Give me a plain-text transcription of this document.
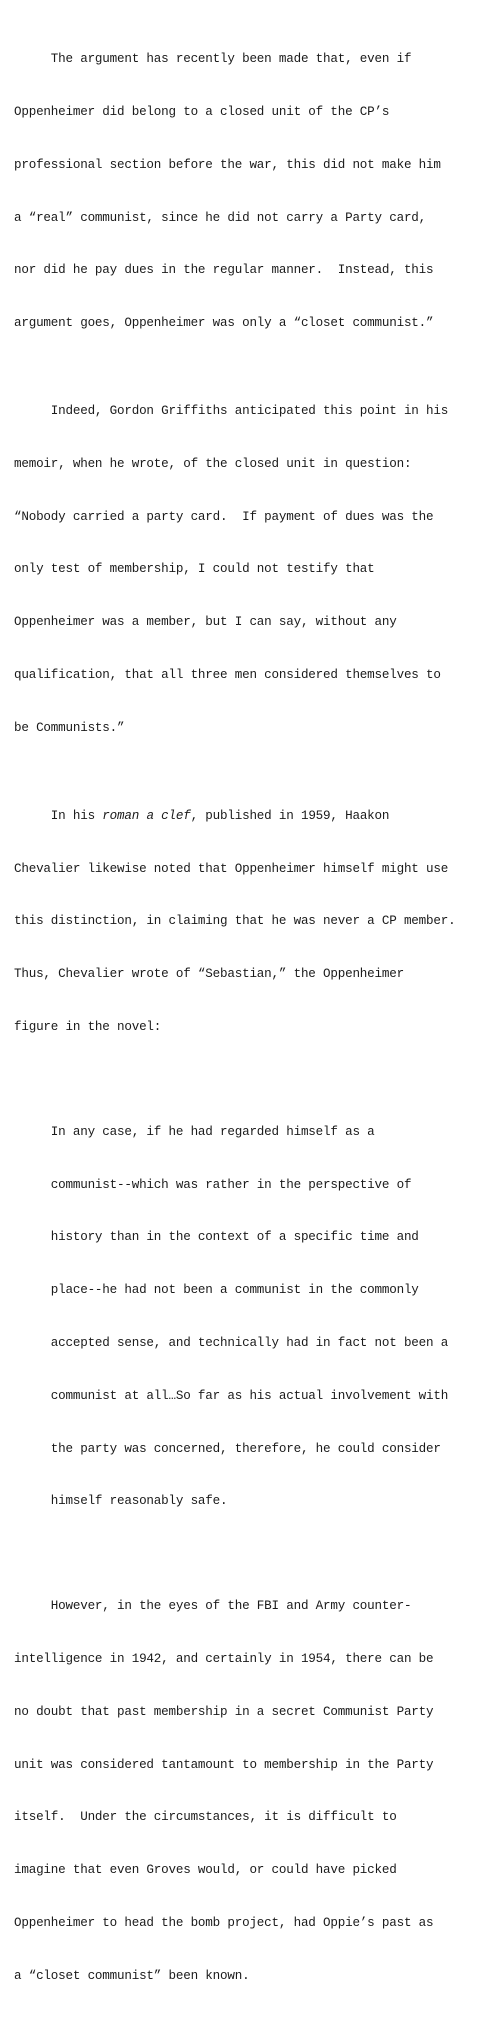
The argument has recently been made that, even if

Oppenheimer did belong to a closed unit of the CP’s

professional section before the war, this did not make him

a “real” communist, since he did not carry a Party card,

nor did he pay dues in the regular manner.  Instead, this

argument goes, Oppenheimer was only a “closet communist.”

Indeed, Gordon Griffiths anticipated this point in his

memoir, when he wrote, of the closed unit in question:

“Nobody carried a party card.  If payment of dues was the

only test of membership, I could not testify that

Oppenheimer was a member, but I can say, without any

qualification, that all three men considered themselves to

be Communists.”

In his roman a clef, published in 1959, Haakon

Chevalier likewise noted that Oppenheimer himself might use

this distinction, in claiming that he was never a CP member.

Thus, Chevalier wrote of “Sebastian,” the Oppenheimer

figure in the novel:

In any case, if he had regarded himself as a

communist--which was rather in the perspective of

history than in the context of a specific time and

place--he had not been a communist in the commonly

accepted sense, and technically had in fact not been a

communist at all…So far as his actual involvement with

the party was concerned, therefore, he could consider

himself reasonably safe.

However, in the eyes of the FBI and Army counter-

intelligence in 1942, and certainly in 1954, there can be

no doubt that past membership in a secret Communist Party

unit was considered tantamount to membership in the Party

itself.  Under the circumstances, it is difficult to

imagine that even Groves would, or could have picked

Oppenheimer to head the bomb project, had Oppie’s past as

a “closet communist” been known.
